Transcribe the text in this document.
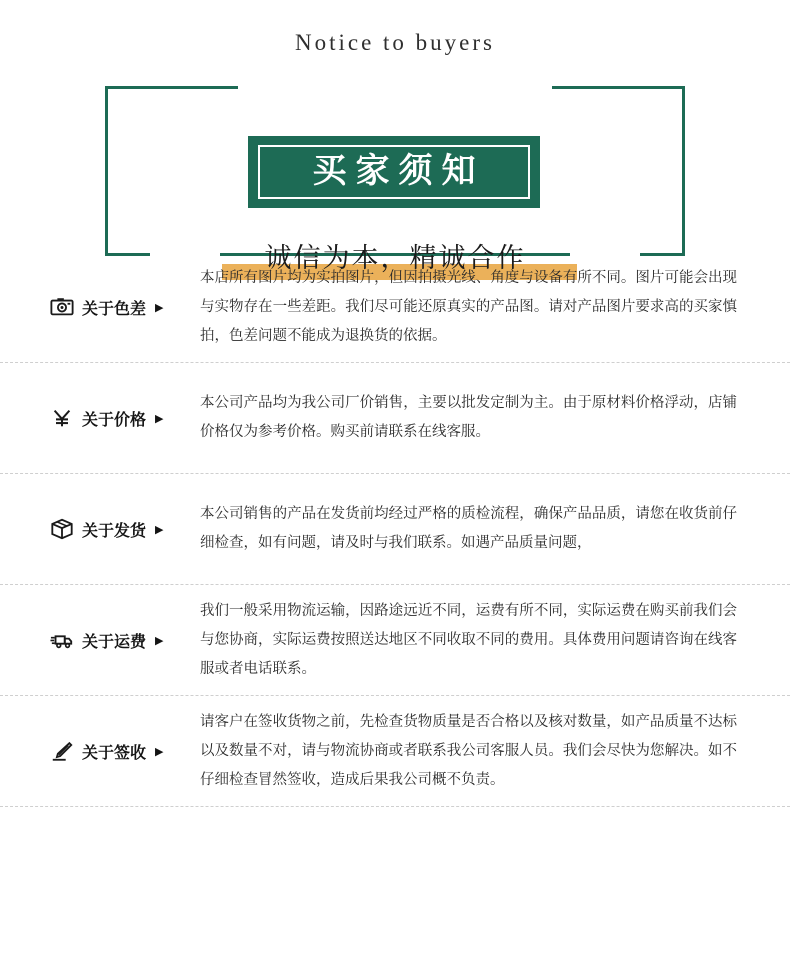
Notice to buyers
买家须知
诚信为本，精诚合作
关于色差 ▶
本店所有图片均为实拍图片，但因拍摄光线、角度与设备有所不同。图片可能会出现与实物存在一些差距。我们尽可能还原真实的产品图。请对产品图片要求高的买家慎拍，色差问题不能成为退换货的依据。
关于价格 ▶
本公司产品均为我公司厂价销售，主要以批发定制为主。由于原材料价格浮动，店铺价格仅为参考价格。购买前请联系在线客服。
关于发货 ▶
本公司销售的产品在发货前均经过严格的质检流程，确保产品品质，请您在收货前仔细检查，如有问题，请及时与我们联系。如遇产品质量问题，
关于运费 ▶
我们一般采用物流运输，因路途远近不同，运费有所不同，实际运费在购买前我们会与您协商，实际运费按照送达地区不同收取不同的费用。具体费用问题请咨询在线客服或者电话联系。
关于签收 ▶
请客户在签收货物之前，先检查货物质量是否合格以及核对数量，如产品质量不达标以及数量不对，请与物流协商或者联系我公司客服人员。我们会尽快为您解决。如不仔细检查冒然签收，造成后果我公司概不负责。
